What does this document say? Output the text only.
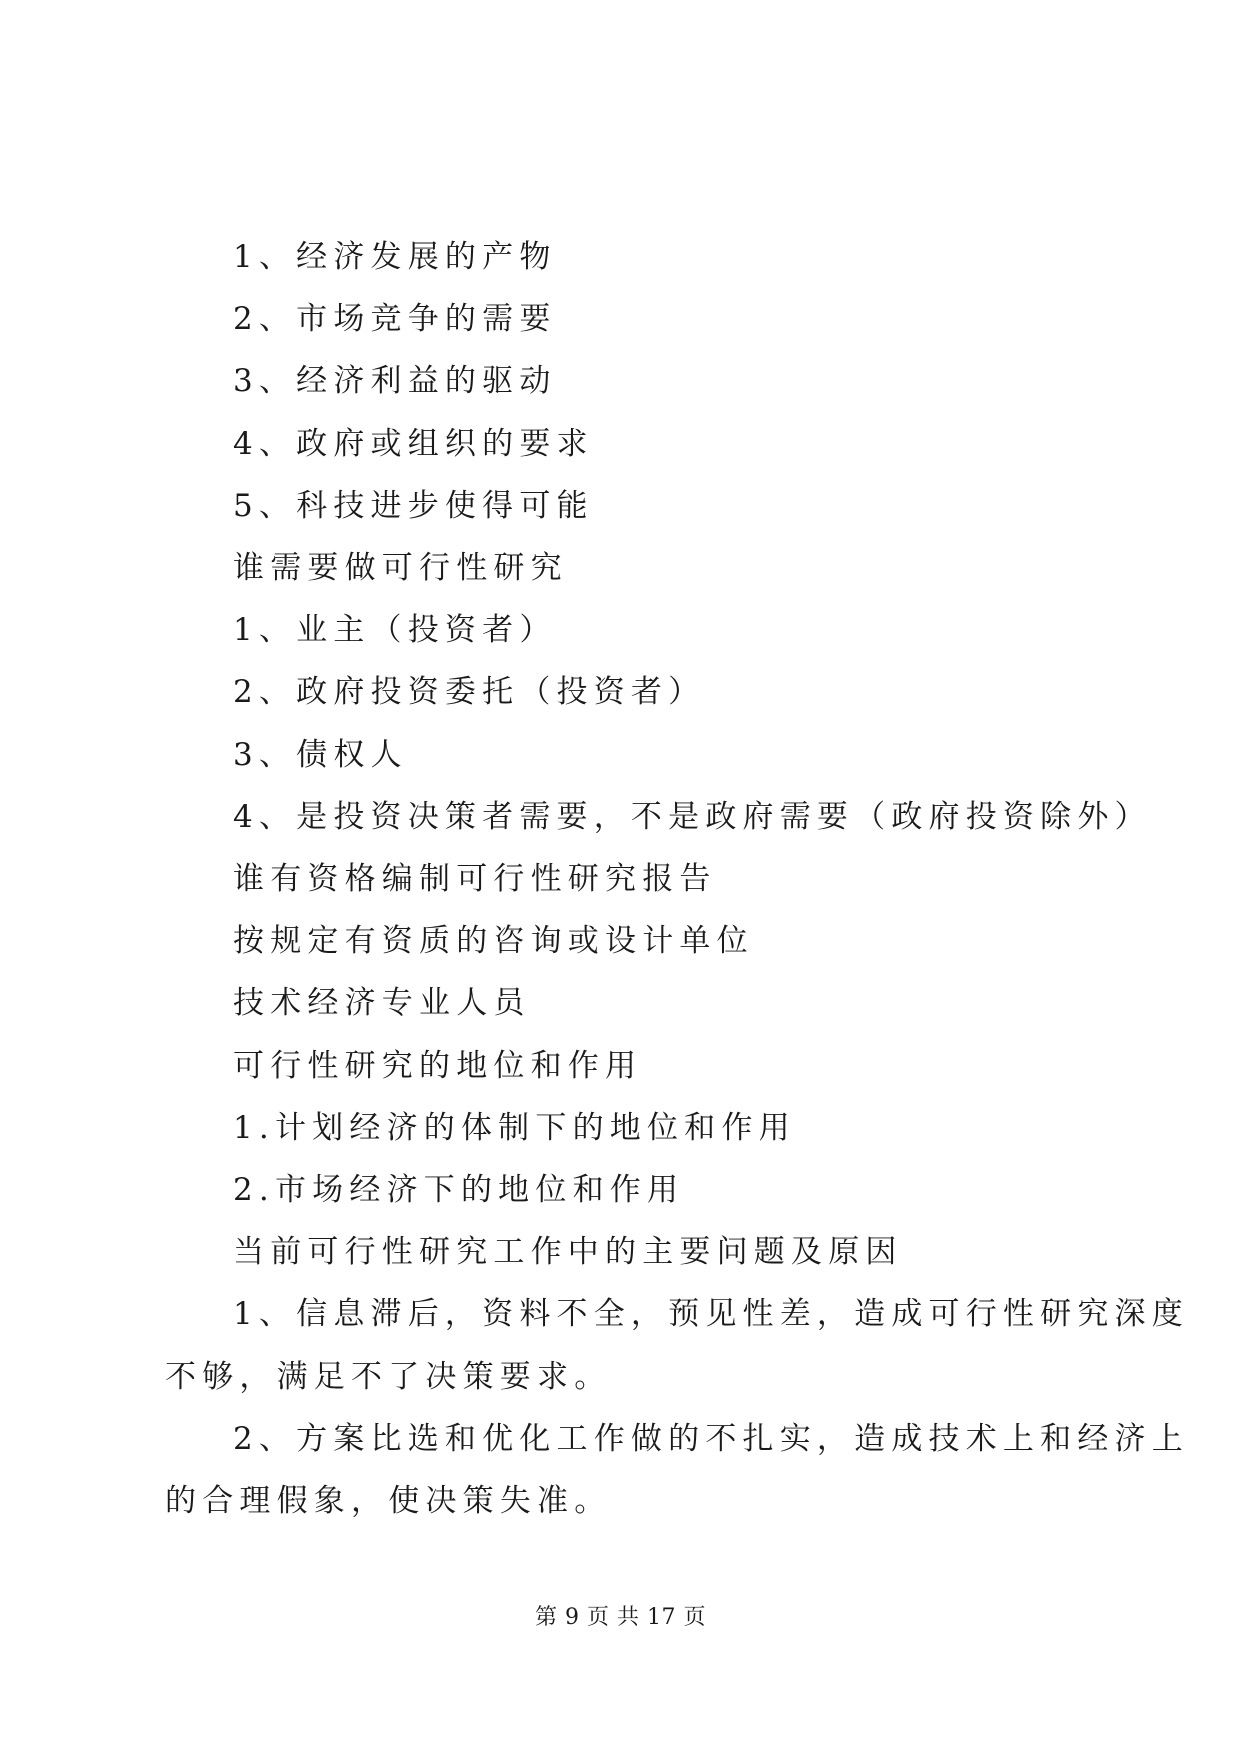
1、经济发展的产物
2、市场竞争的需要
3、经济利益的驱动
4、政府或组织的要求
5、科技进步使得可能
谁需要做可行性研究
1、业主（投资者）
2、政府投资委托（投资者）
3、债权人
4、是投资决策者需要，不是政府需要（政府投资除外）
谁有资格编制可行性研究报告
按规定有资质的咨询或设计单位
技术经济专业人员
可行性研究的地位和作用
1.计划经济的体制下的地位和作用
2.市场经济下的地位和作用
当前可行性研究工作中的主要问题及原因
1、信息滞后，资料不全，预见性差，造成可行性研究深度
不够，满足不了决策要求。
2、方案比选和优化工作做的不扎实，造成技术上和经济上
的合理假象，使决策失准。
第 9 页 共 17 页
